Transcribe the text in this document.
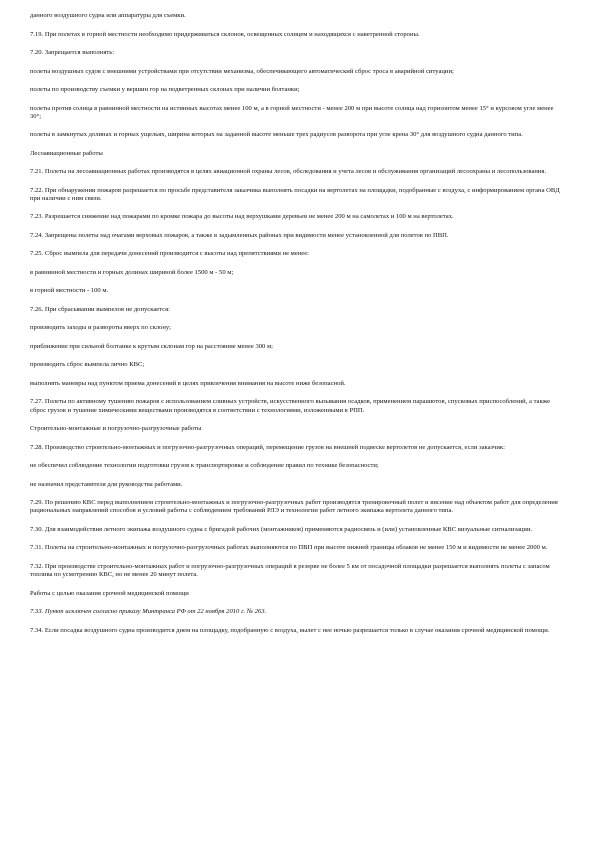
данного воздушного судна или аппаратуры для съемки.

7.19. При полетах в горной местности необходимо придерживаться склонов, освещенных солнцем и находящихся с наветренной стороны.

7.20. Запрещается выполнять:

полеты воздушных судов с внешними устройствами при отсутствии механизма, обеспечивающего автоматический сброс троса в аварийной ситуации;

полеты по производству съемки у вершин гор на подветренных склонах при наличии болтанки;

полеты против солнца в равнинной местности на истинных высотах менее 100 м, а в горной местности - менее 200 м при высоте солнца над горизонтом менее 15° и курсовом угле менее 30°;

полеты в замкнутых долинах и горных ущельях, ширина которых на заданной высоте меньше трех радиусов разворота при угле крена 30° для воздушного судна данного типа.

Лесоавиационные работы

7.21. Полеты на лесоавиационных работах производятся в целях авиационной охраны лесов, обследования и учета лесов и обслуживания организаций лесоохраны и лесопользования.

7.22. При обнаружении пожаров разрешается по просьбе представителя заказчика выполнять посадки на вертолетах на площадки, подобранные с воздуха, с информированием органа ОВД при наличии с ним связи.

7.23. Разрешается снижение над пожарами по кромке пожара до высоты над верхушками деревьев не менее 200 м на самолетах и 100 м на вертолетах.

7.24. Запрещены полеты над очагами верховых пожаров, а также в задымленных районах при видимости менее установленной для полетов по ПВП.

7.25. Сброс вымпела для передачи донесений производится с высоты над препятствиями не менее:

в равнинной местности и горных долинах шириной более 1500 м - 50 м;

в горной местности - 100 м.

7.26. При сбрасывании вымпелов не допускается:

производить заходы и развороты вверх по склону;

приближение при сильной болтанке к крутым склонам гор на расстояние менее 300 м;

производить сброс вымпела лично КВС;

выполнять маневры над пунктом приема донесений в целях привлечения внимания на высоте ниже безопасной.

7.27. Полеты по активному тушению пожаров с использованием сливных устройств, искусственного вызывания осадков, применением парашютов, спусковых приспособлений, а также сброс грузов и тушение химическими веществами производятся в соответствии с технологиями, изложенными в РПП.

Строительно-монтажные и погрузочно-разгрузочные работы

7.28. Производство строительно-монтажных и погрузочно-разгрузочных операций, перемещение грузов на внешней подвеске вертолетов не допускается, если заказчик:

не обеспечил соблюдение технологии подготовки грузов к транспортировке и соблюдение правил по технике безопасности;

не назначил представителя для руководства работами.

7.29. По решению КВС перед выполнением строительно-монтажных и погрузочно-разгрузочных работ производятся тренировочный полет и висение над объектом работ для определения рациональных направлений способов и условий работы с соблюдением требований РЛЭ и технологии работ летного экипажа вертолета данного типа.

7.30. Для взаимодействия летного экипажа воздушного судна с бригадой рабочих (монтажников) применяются радиосвязь и (или) установленные КВС визуальные сигнализации.

7.31. Полеты на строительно-монтажных и погрузочно-разгрузочных работах выполняются по ПВП при высоте нижней границы облаков не менее 150 м и видимости не менее 2000 м.

7.32. При производстве строительно-монтажных работ и погрузочно-разгрузочных операций в резерве не более 5 км от посадочной площадки разрешается выполнять полеты с запасом топлива по усмотрению КВС, но не менее 20 минут полета.

Работы с целью оказания срочной медицинской помощи

7.33. Пункт исключен согласно приказу Минтранса РФ от 22 ноября 2010 г. № 263.

7.34. Если посадка воздушного судна производится днем на площадку, подобранную с воздуха, вылет с нее ночью разрешается только в случае оказания срочной медицинской помощи.
